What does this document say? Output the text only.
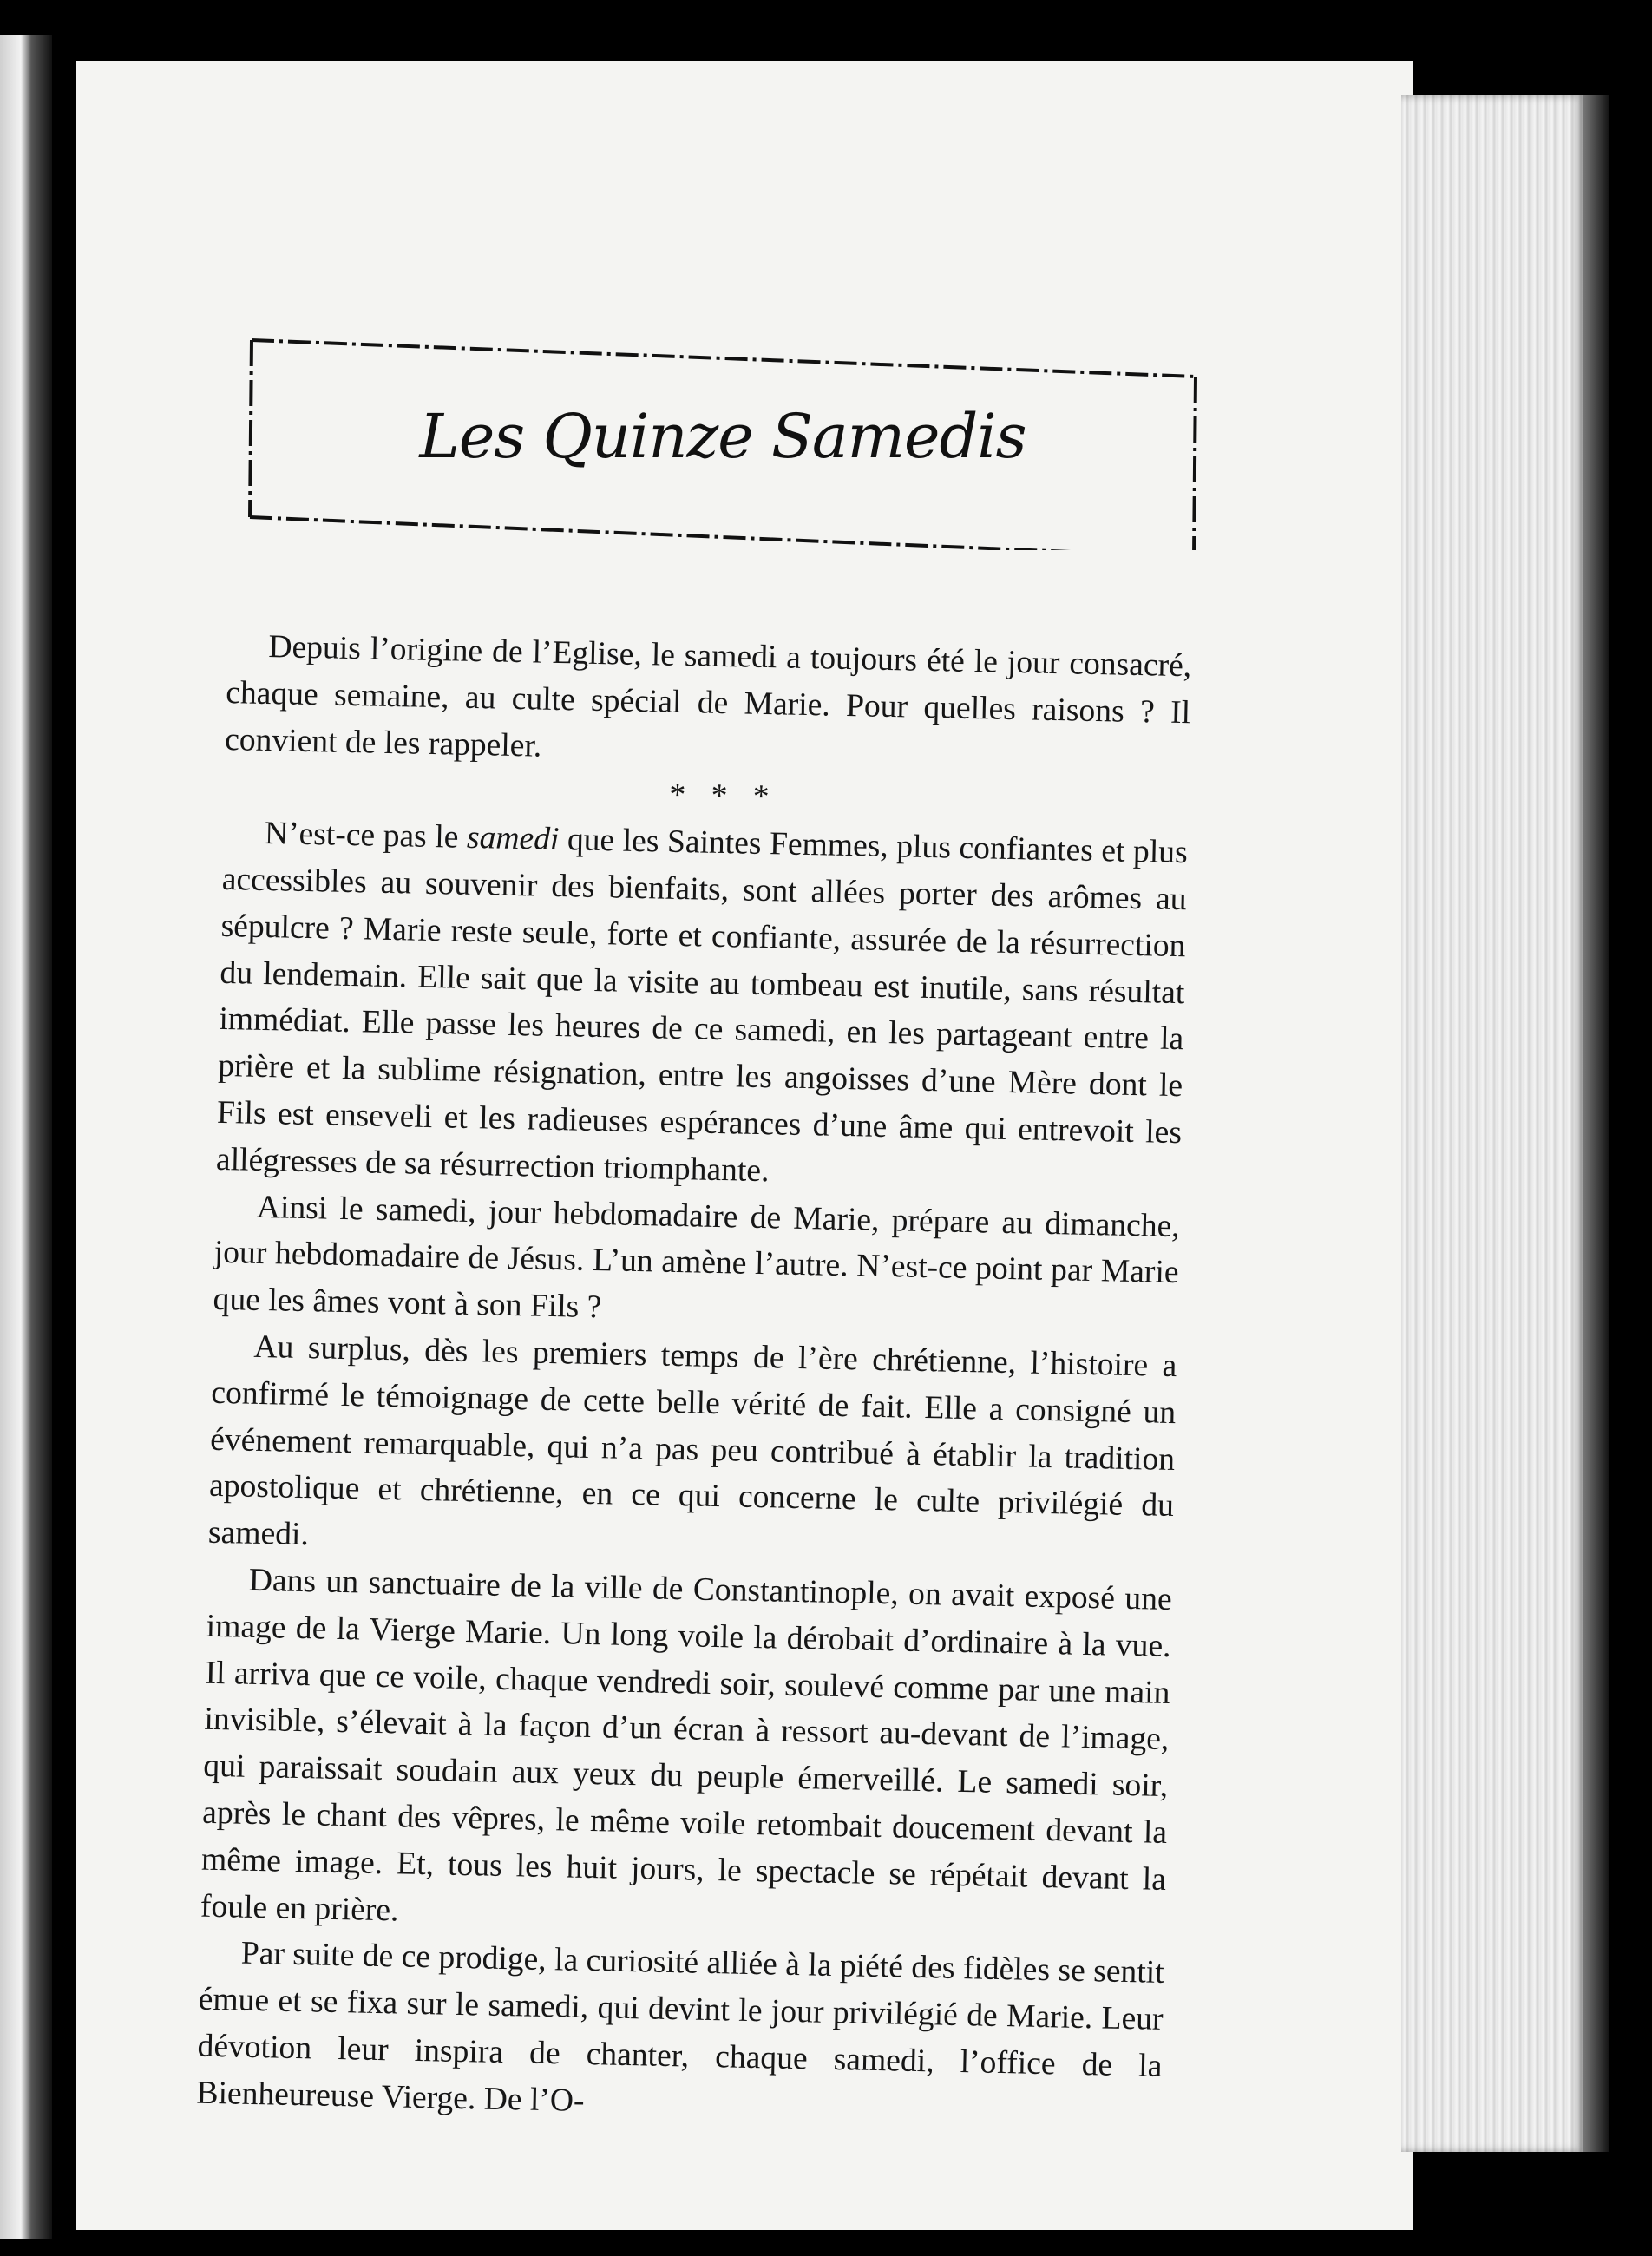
Les Quinze Samedis

Depuis l’origine de l’Eglise, le samedi a toujours été le jour consacré, chaque semaine, au culte spécial de Marie. Pour quelles raisons ? Il convient de les rappeler.

* * *

N’est-ce pas le samedi que les Saintes Femmes, plus confiantes et plus accessibles au souvenir des bienfaits, sont allées porter des arômes au sépulcre ? Marie reste seule, forte et confiante, assurée de la résurrection du lendemain. Elle sait que la visite au tombeau est inutile, sans résultat immédiat. Elle passe les heures de ce samedi, en les partageant entre la prière et la sublime résignation, entre les angoisses d’une Mère dont le Fils est enseveli et les radieuses espérances d’une âme qui entrevoit les allégresses de sa résurrection triomphante.

Ainsi le samedi, jour hebdomadaire de Marie, prépare au dimanche, jour hebdomadaire de Jésus. L’un amène l’autre. N’est-ce point par Marie que les âmes vont à son Fils ?

Au surplus, dès les premiers temps de l’ère chrétienne, l’histoire a confirmé le témoignage de cette belle vérité de fait. Elle a consigné un événement remarquable, qui n’a pas peu contribué à établir la tradition apostolique et chrétienne, en ce qui concerne le culte privilégié du samedi.

Dans un sanctuaire de la ville de Constantinople, on avait exposé une image de la Vierge Marie. Un long voile la dérobait d’ordinaire à la vue. Il arriva que ce voile, chaque vendredi soir, soulevé comme par une main invisible, s’élevait à la façon d’un écran à ressort au-devant de l’image, qui paraissait soudain aux yeux du peuple émerveillé. Le samedi soir, après le chant des vêpres, le même voile retombait doucement devant la même image. Et, tous les huit jours, le spectacle se répétait devant la foule en prière.

Par suite de ce prodige, la curiosité alliée à la piété des fidèles se sentit émue et se fixa sur le samedi, qui devint le jour privilégié de Marie. Leur dévotion leur inspira de chanter, chaque samedi, l’office de la Bienheureuse Vierge. De l’O-
